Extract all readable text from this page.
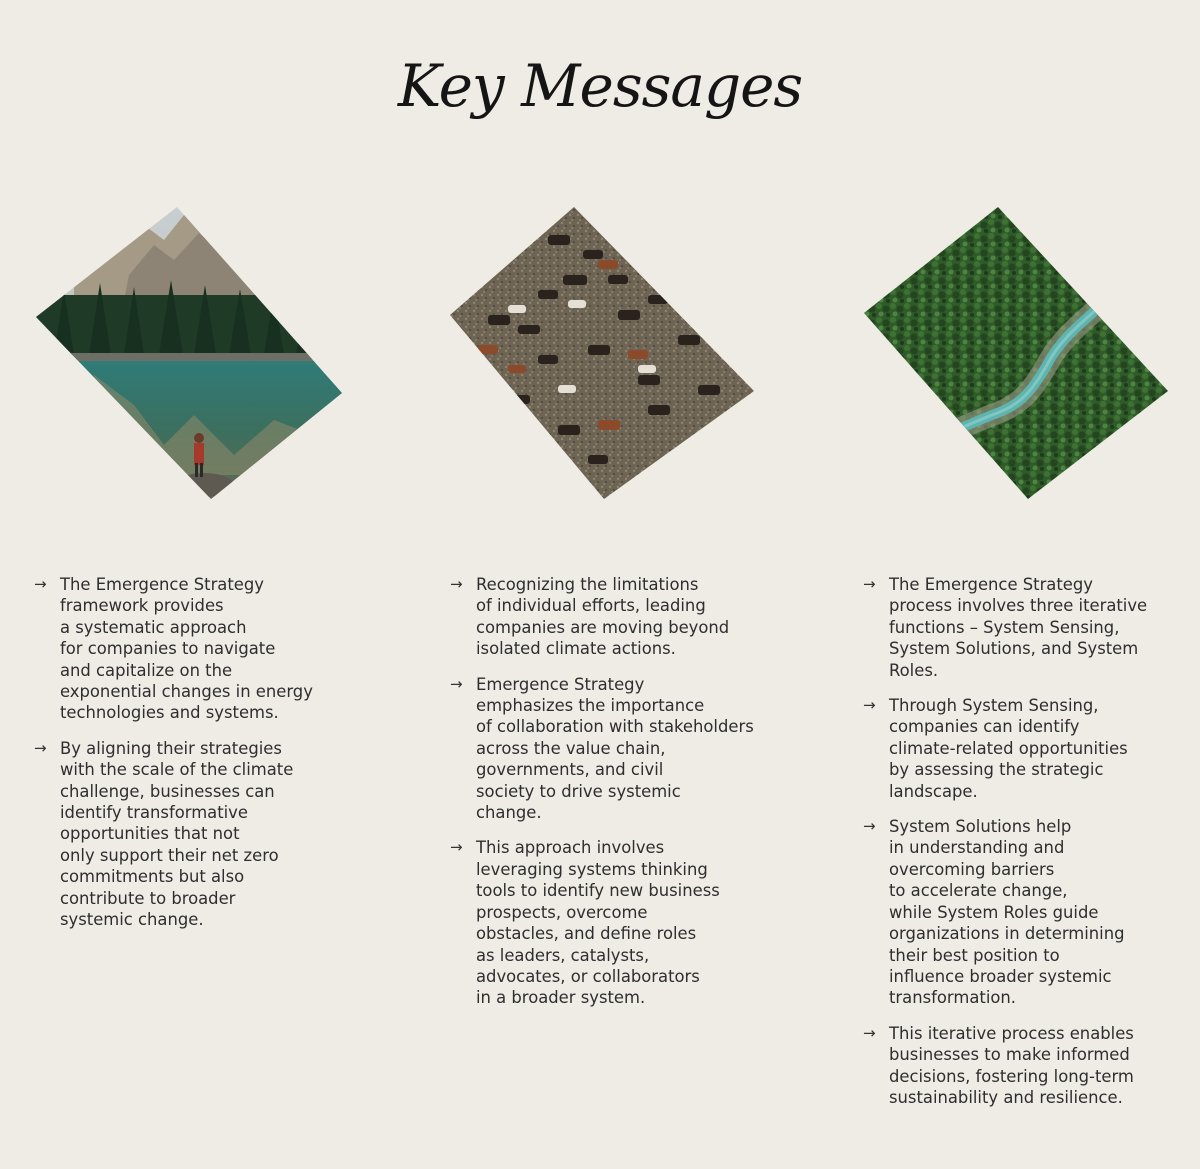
Key Messages
→ The Emergence Strategy
framework provides
a systematic approach
for companies to navigate
and capitalize on the
exponential changes in energy
technologies and systems.
→ By aligning their strategies
with the scale of the climate
challenge, businesses can
identify transformative
opportunities that not
only support their net zero
commitments but also
contribute to broader
systemic change.
→ Recognizing the limitations
of individual efforts, leading
companies are moving beyond
isolated climate actions.
→ Emergence Strategy
emphasizes the importance
of collaboration with stakeholders
across the value chain,
governments, and civil
society to drive systemic
change.
→ This approach involves
leveraging systems thinking
tools to identify new business
prospects, overcome
obstacles, and define roles
as leaders, catalysts,
advocates, or collaborators
in a broader system.
→ The Emergence Strategy
process involves three iterative
functions – System Sensing,
System Solutions, and System
Roles.
→ Through System Sensing,
companies can identify
climate-related opportunities
by assessing the strategic
landscape.
→ System Solutions help
in understanding and
overcoming barriers
to accelerate change,
while System Roles guide
organizations in determining
their best position to
influence broader systemic
transformation.
→ This iterative process enables
businesses to make informed
decisions, fostering long-term
sustainability and resilience.
